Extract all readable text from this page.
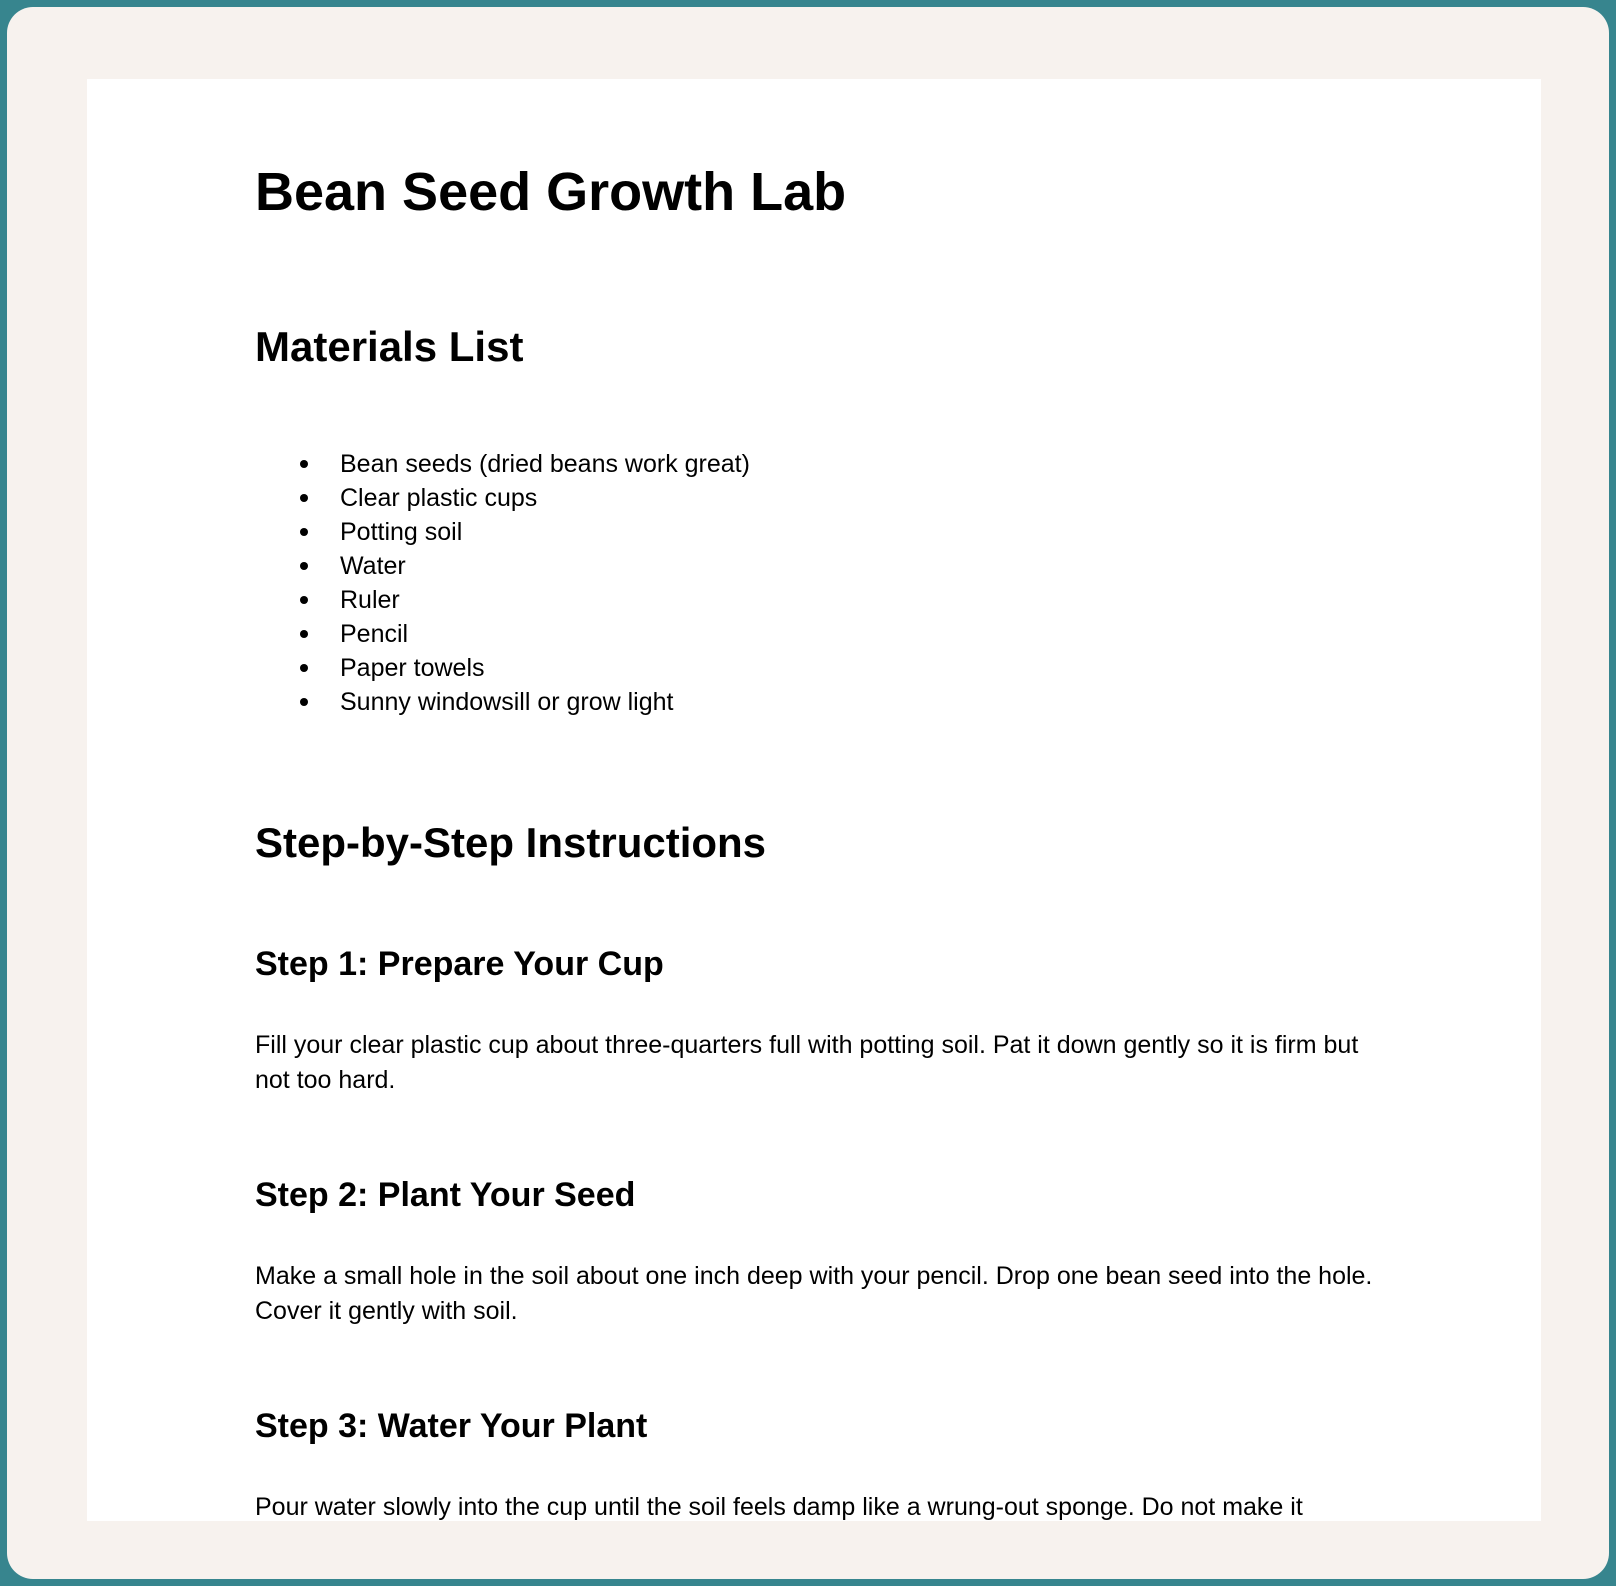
Bean Seed Growth Lab
Materials List
Bean seeds (dried beans work great)
Clear plastic cups
Potting soil
Water
Ruler
Pencil
Paper towels
Sunny windowsill or grow light
Step-by-Step Instructions
Step 1: Prepare Your Cup

Fill your clear plastic cup about three-quarters full with potting soil. Pat it down gently so it is firm but not too hard.

Step 2: Plant Your Seed

Make a small hole in the soil about one inch deep with your pencil. Drop one bean seed into the hole. Cover it gently with soil.

Step 3: Water Your Plant

Pour water slowly into the cup until the soil feels damp like a wrung-out sponge. Do not make it
